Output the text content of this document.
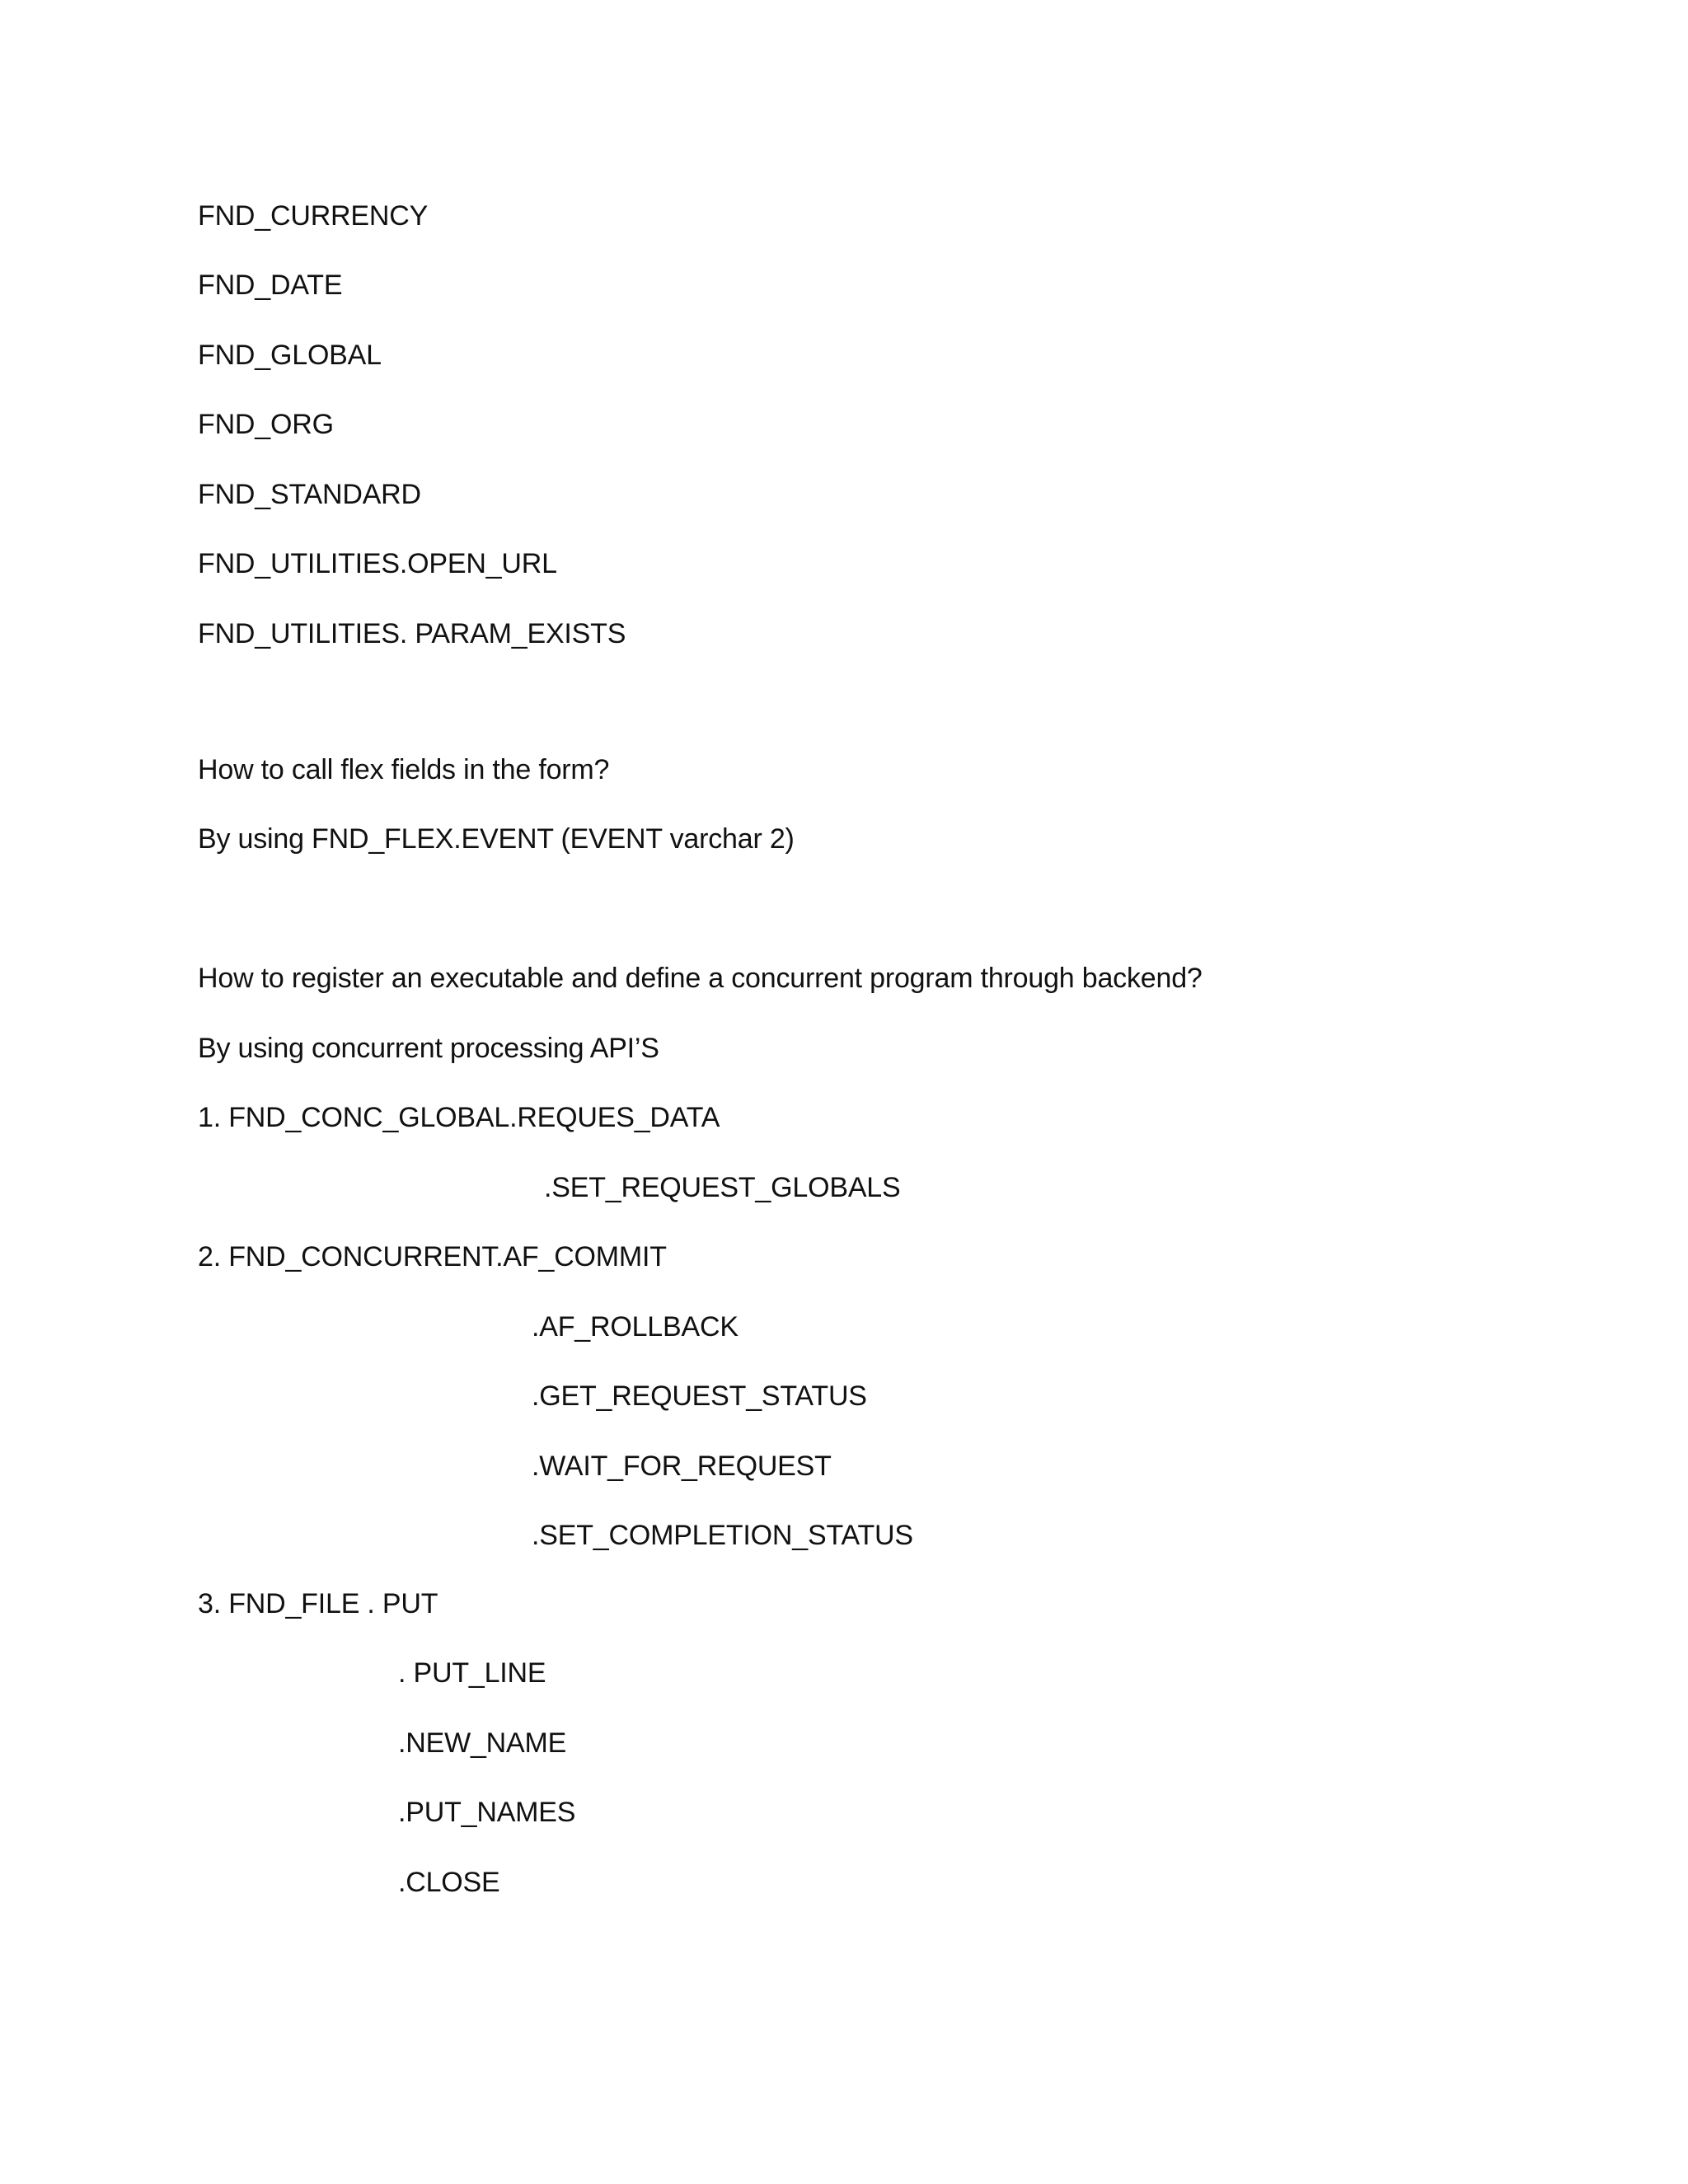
FND_CURRENCY
FND_DATE
FND_GLOBAL
FND_ORG
FND_STANDARD
FND_UTILITIES.OPEN_URL
FND_UTILITIES. PARAM_EXISTS
How to call flex fields in the form?
By using FND_FLEX.EVENT (EVENT varchar 2)
How to register an executable and define a concurrent program through backend?
By using concurrent processing API’S
1. FND_CONC_GLOBAL.REQUES_DATA
.SET_REQUEST_GLOBALS
2. FND_CONCURRENT.AF_COMMIT
.AF_ROLLBACK
.GET_REQUEST_STATUS
.WAIT_FOR_REQUEST
.SET_COMPLETION_STATUS
3. FND_FILE . PUT
. PUT_LINE
.NEW_NAME
.PUT_NAMES
.CLOSE
